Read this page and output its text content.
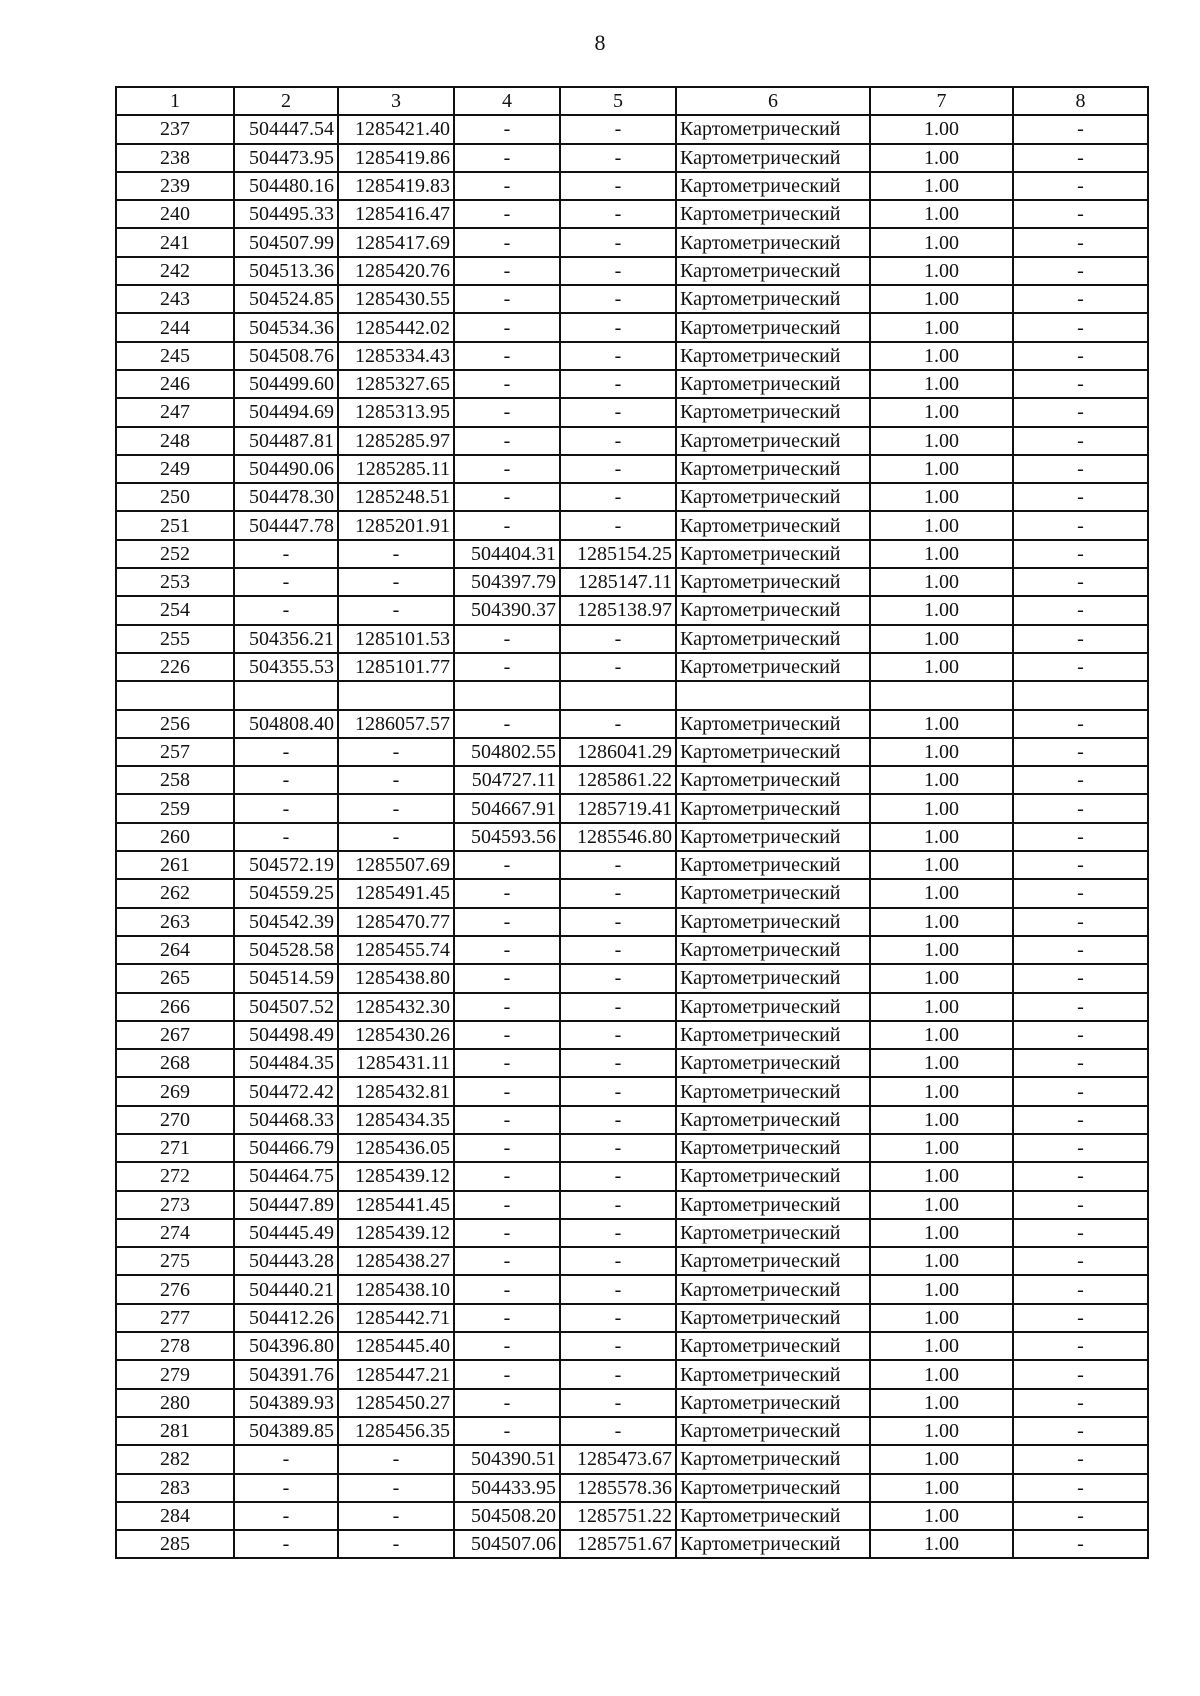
8
1	2	3	4	5	6	7	8
237	504447.54	1285421.40	-	-	Картометрический	1.00	-
238	504473.95	1285419.86	-	-	Картометрический	1.00	-
239	504480.16	1285419.83	-	-	Картометрический	1.00	-
240	504495.33	1285416.47	-	-	Картометрический	1.00	-
241	504507.99	1285417.69	-	-	Картометрический	1.00	-
242	504513.36	1285420.76	-	-	Картометрический	1.00	-
243	504524.85	1285430.55	-	-	Картометрический	1.00	-
244	504534.36	1285442.02	-	-	Картометрический	1.00	-
245	504508.76	1285334.43	-	-	Картометрический	1.00	-
246	504499.60	1285327.65	-	-	Картометрический	1.00	-
247	504494.69	1285313.95	-	-	Картометрический	1.00	-
248	504487.81	1285285.97	-	-	Картометрический	1.00	-
249	504490.06	1285285.11	-	-	Картометрический	1.00	-
250	504478.30	1285248.51	-	-	Картометрический	1.00	-
251	504447.78	1285201.91	-	-	Картометрический	1.00	-
252	-	-	504404.31	1285154.25	Картометрический	1.00	-
253	-	-	504397.79	1285147.11	Картометрический	1.00	-
254	-	-	504390.37	1285138.97	Картометрический	1.00	-
255	504356.21	1285101.53	-	-	Картометрический	1.00	-
226	504355.53	1285101.77	-	-	Картометрический	1.00	-

256	504808.40	1286057.57	-	-	Картометрический	1.00	-
257	-	-	504802.55	1286041.29	Картометрический	1.00	-
258	-	-	504727.11	1285861.22	Картометрический	1.00	-
259	-	-	504667.91	1285719.41	Картометрический	1.00	-
260	-	-	504593.56	1285546.80	Картометрический	1.00	-
261	504572.19	1285507.69	-	-	Картометрический	1.00	-
262	504559.25	1285491.45	-	-	Картометрический	1.00	-
263	504542.39	1285470.77	-	-	Картометрический	1.00	-
264	504528.58	1285455.74	-	-	Картометрический	1.00	-
265	504514.59	1285438.80	-	-	Картометрический	1.00	-
266	504507.52	1285432.30	-	-	Картометрический	1.00	-
267	504498.49	1285430.26	-	-	Картометрический	1.00	-
268	504484.35	1285431.11	-	-	Картометрический	1.00	-
269	504472.42	1285432.81	-	-	Картометрический	1.00	-
270	504468.33	1285434.35	-	-	Картометрический	1.00	-
271	504466.79	1285436.05	-	-	Картометрический	1.00	-
272	504464.75	1285439.12	-	-	Картометрический	1.00	-
273	504447.89	1285441.45	-	-	Картометрический	1.00	-
274	504445.49	1285439.12	-	-	Картометрический	1.00	-
275	504443.28	1285438.27	-	-	Картометрический	1.00	-
276	504440.21	1285438.10	-	-	Картометрический	1.00	-
277	504412.26	1285442.71	-	-	Картометрический	1.00	-
278	504396.80	1285445.40	-	-	Картометрический	1.00	-
279	504391.76	1285447.21	-	-	Картометрический	1.00	-
280	504389.93	1285450.27	-	-	Картометрический	1.00	-
281	504389.85	1285456.35	-	-	Картометрический	1.00	-
282	-	-	504390.51	1285473.67	Картометрический	1.00	-
283	-	-	504433.95	1285578.36	Картометрический	1.00	-
284	-	-	504508.20	1285751.22	Картометрический	1.00	-
285	-	-	504507.06	1285751.67	Картометрический	1.00	-
